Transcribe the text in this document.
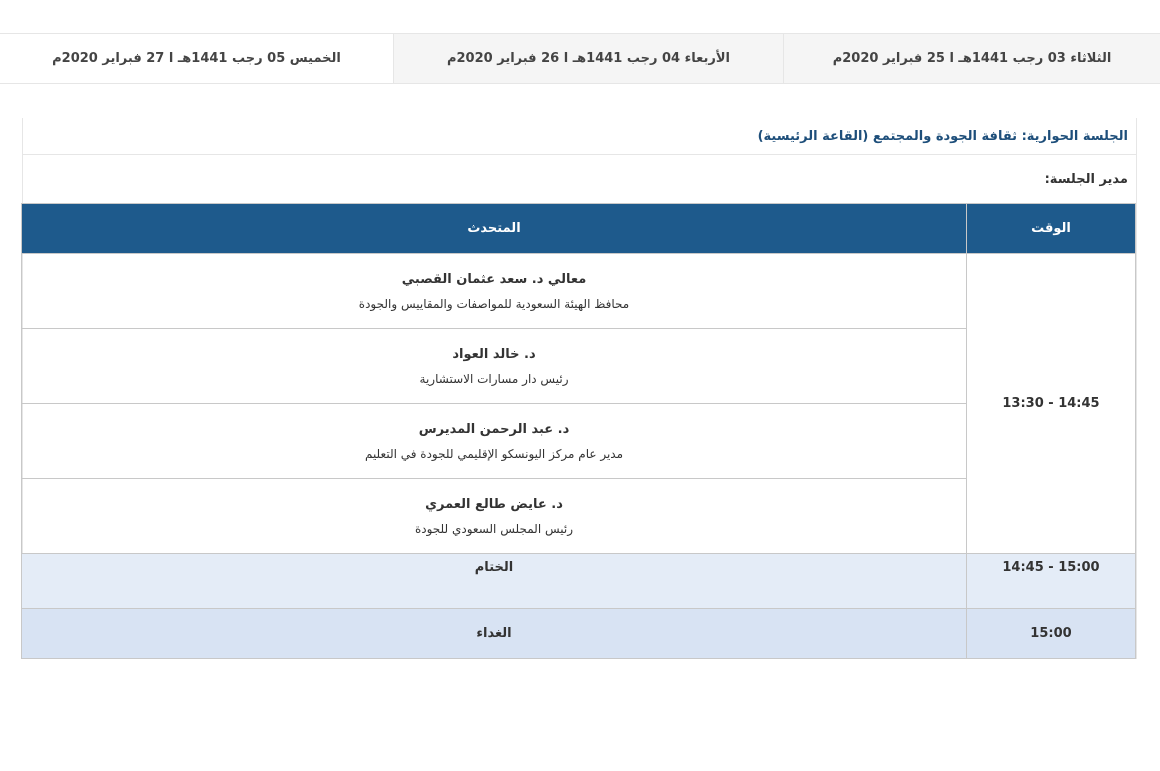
الثلاثاء 03 رجب 1441هـ ا 25 فبراير 2020م
الأربعاء 04 رجب 1441هـ ا 26 فبراير 2020م
الخميس 05 رجب 1441هـ ا 27 فبراير 2020م
الجلسة الحوارية: ثقافة الجودة والمجتمع (القاعة الرئيسية)
مدير الجلسة:
الوقت	المتحدث
13:30 - 14:45	معالي د. سعد عثمان القصبي
محافظ الهيئة السعودية للمواصفات والمقاييس والجودة

	د. خالد العواد
رئيس دار مسارات الاستشارية

	د. عبد الرحمن المديرس
مدير عام مركز اليونسكو الإقليمي للجودة في التعليم

	د. عايض طالع العمري
رئيس المجلس السعودي للجودة

14:45 - 15:00	الختام
15:00	الغداء
